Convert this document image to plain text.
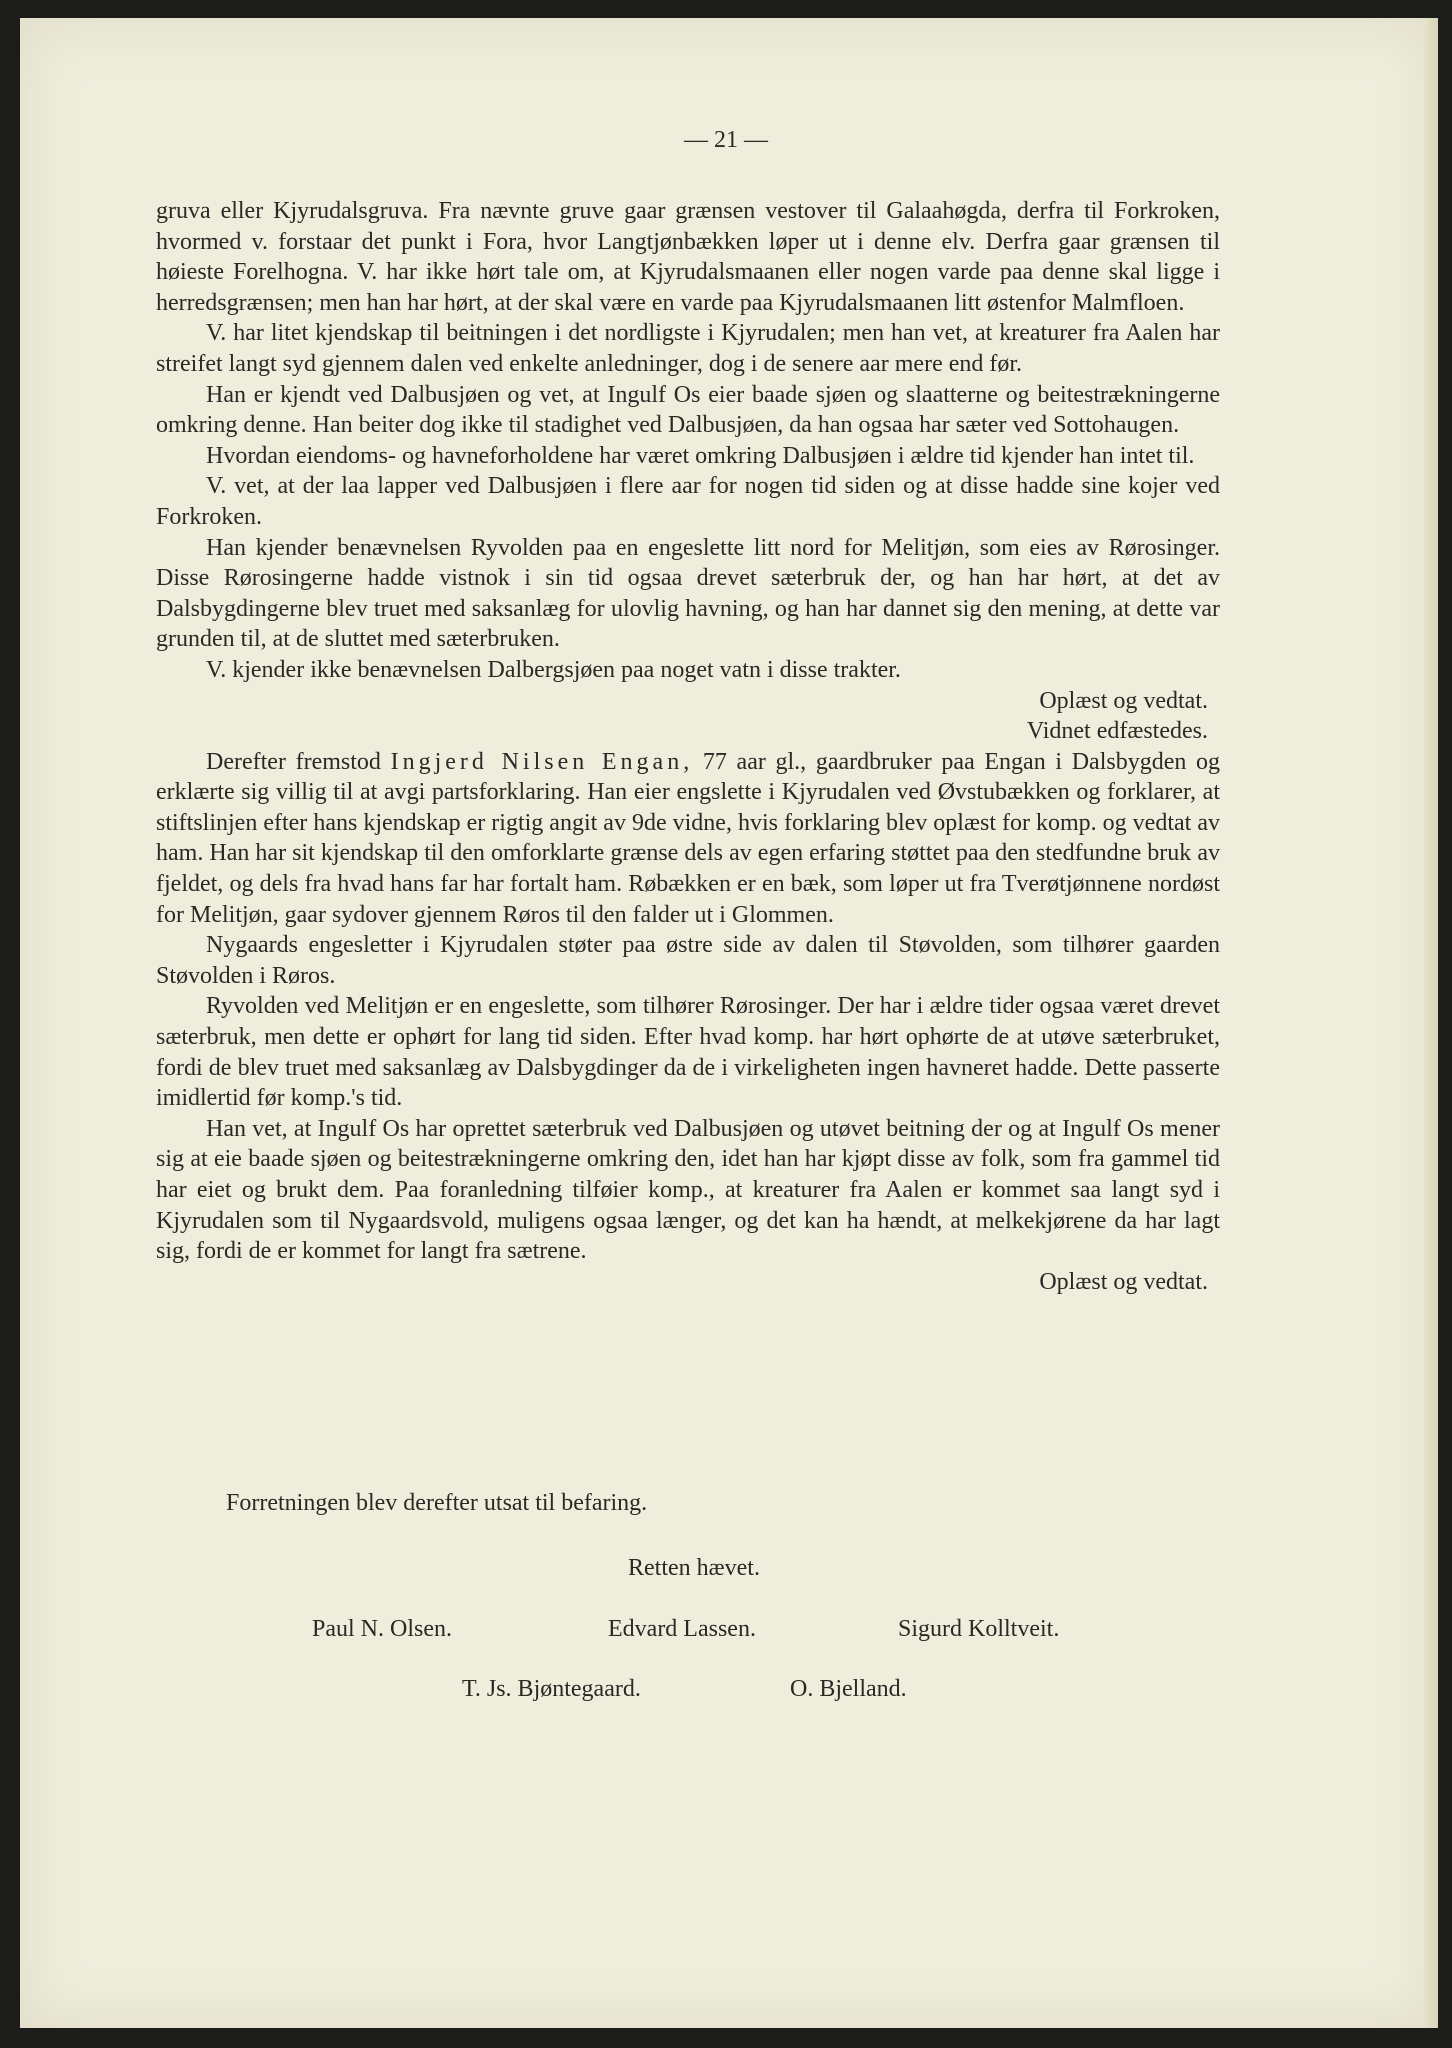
— 21 —

gruva eller Kjyrudalsgruva. Fra nævnte gruve gaar grænsen vestover til Galaahøgda, derfra til Forkroken, hvormed v. forstaar det punkt i Fora, hvor Langtjønbækken løper ut i denne elv. Derfra gaar grænsen til høieste Forelhogna. V. har ikke hørt tale om, at Kjyrudalsmaanen eller nogen varde paa denne skal ligge i herredsgrænsen; men han har hørt, at der skal være en varde paa Kjyrudalsmaanen litt østenfor Malmfloen.

V. har litet kjendskap til beitningen i det nordligste i Kjyrudalen; men han vet, at kreaturer fra Aalen har streifet langt syd gjennem dalen ved enkelte anledninger, dog i de senere aar mere end før.

Han er kjendt ved Dalbusjøen og vet, at Ingulf Os eier baade sjøen og slaatterne og beitestrækningerne omkring denne. Han beiter dog ikke til stadighet ved Dalbusjøen, da han ogsaa har sæter ved Sottohaugen.

Hvordan eiendoms- og havneforholdene har været omkring Dalbusjøen i ældre tid kjender han intet til.

V. vet, at der laa lapper ved Dalbusjøen i flere aar for nogen tid siden og at disse hadde sine kojer ved Forkroken.

Han kjender benævnelsen Ryvolden paa en engeslette litt nord for Melitjøn, som eies av Rørosinger. Disse Rørosingerne hadde vistnok i sin tid ogsaa drevet sæterbruk der, og han har hørt, at det av Dalsbygdingerne blev truet med saksanlæg for ulovlig havning, og han har dannet sig den mening, at dette var grunden til, at de sluttet med sæterbruken.

V. kjender ikke benævnelsen Dalbergsjøen paa noget vatn i disse trakter.

Oplæst og vedtat.

Vidnet edfæstedes.

Derefter fremstod Ingjerd Nilsen Engan, 77 aar gl., gaardbruker paa Engan i Dalsbygden og erklærte sig villig til at avgi partsforklaring. Han eier engslette i Kjyrudalen ved Øvstubækken og forklarer, at stiftslinjen efter hans kjendskap er rigtig angit av 9de vidne, hvis forklaring blev oplæst for komp. og vedtat av ham. Han har sit kjendskap til den omforklarte grænse dels av egen erfaring støttet paa den stedfundne bruk av fjeldet, og dels fra hvad hans far har fortalt ham. Røbækken er en bæk, som løper ut fra Tverøtjønnene nordøst for Melitjøn, gaar sydover gjennem Røros til den falder ut i Glommen.

Nygaards engesletter i Kjyrudalen støter paa østre side av dalen til Støvolden, som tilhører gaarden Støvolden i Røros.

Ryvolden ved Melitjøn er en engeslette, som tilhører Rørosinger. Der har i ældre tider ogsaa været drevet sæterbruk, men dette er ophørt for lang tid siden. Efter hvad komp. har hørt ophørte de at utøve sæterbruket, fordi de blev truet med saksanlæg av Dalsbygdinger da de i virkeligheten ingen havneret hadde. Dette passerte imidlertid før komp.'s tid.

Han vet, at Ingulf Os har oprettet sæterbruk ved Dalbusjøen og utøvet beitning der og at Ingulf Os mener sig at eie baade sjøen og beitestrækningerne omkring den, idet han har kjøpt disse av folk, som fra gammel tid har eiet og brukt dem. Paa foranledning tilføier komp., at kreaturer fra Aalen er kommet saa langt syd i Kjyrudalen som til Nygaardsvold, muligens ogsaa længer, og det kan ha hændt, at melkekjørene da har lagt sig, fordi de er kommet for langt fra sætrene.

Oplæst og vedtat.

Forretningen blev derefter utsat til befaring.
Retten hævet.
Paul N. Olsen.	Edvard Lassen.	Sigurd Kolltveit.
T. Js. Bjøntegaard.	O. Bjelland.
